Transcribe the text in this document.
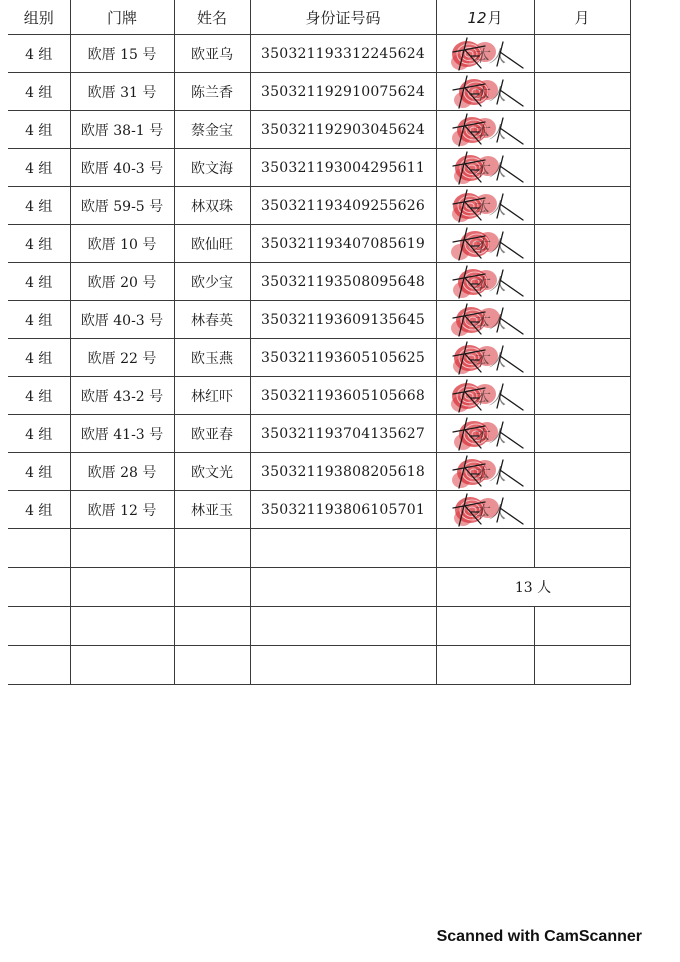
组别	门牌	姓名	身份证号码	12月	月
4 组	欧厝 15 号	欧亚乌	350321193312245624	本人	

4 组	欧厝 31 号	陈兰香	350321192910075624	本人	

4 组	欧厝 38-1 号	蔡金宝	350321192903045624	本人	

4 组	欧厝 40-3 号	欧文海	350321193004295611	本人	

4 组	欧厝 59-5 号	林双珠	350321193409255626	本人	

4 组	欧厝 10 号	欧仙旺	350321193407085619	本人	

4 组	欧厝 20 号	欧少宝	350321193508095648	本人	

4 组	欧厝 40-3 号	林春英	350321193609135645	本人	

4 组	欧厝 22 号	欧玉燕	350321193605105625	本人	

4 组	欧厝 43-2 号	林红吓	350321193605105668	本人	

4 组	欧厝 41-3 号	欧亚春	350321193704135627	本人	

4 组	欧厝 28 号	欧文光	350321193808205618	本人	

4 组	欧厝 12 号	林亚玉	350321193806105701	本人	

				13 人	

Scanned with CamScanner
